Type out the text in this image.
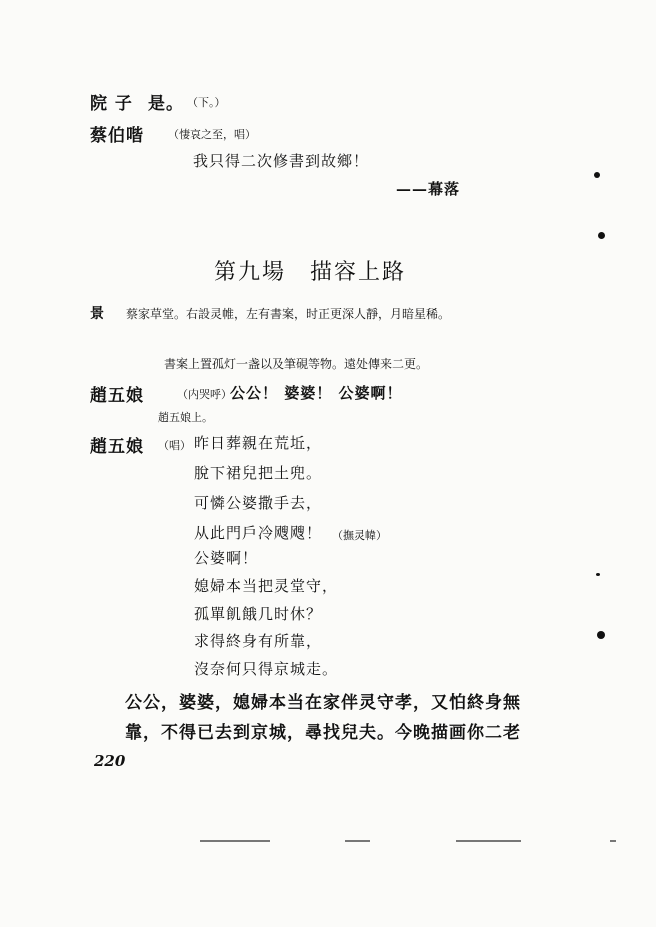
院 子 是。 （下。）
蔡伯喈 （悽哀之至，唱）
我只得二次修書到故鄉！
——幕落
第九場　描容上路
景 蔡家草堂。右設灵帷，左有書案，时正更深人靜，月暗星稀。
書案上置孤灯一盏以及筆硯等物。遠处傳来二更。
趙五娘	（内哭呼）
公公！ 婆婆！ 公婆啊！
趙五娘上。
趙五娘 （唱） 昨日葬親在荒坵，
脫下裙兒把土兜。
可憐公婆撒手去，
从此門戶冷飕飕！ （撫灵幃）
公婆啊！
媳婦本当把灵堂守，
孤單飢餓几时休？
求得終身有所靠，
沒奈何只得京城走。
公公，婆婆，媳婦本当在家伴灵守孝，又怕終身無
靠，不得已去到京城，尋找兒夫。今晚描画你二老
220
